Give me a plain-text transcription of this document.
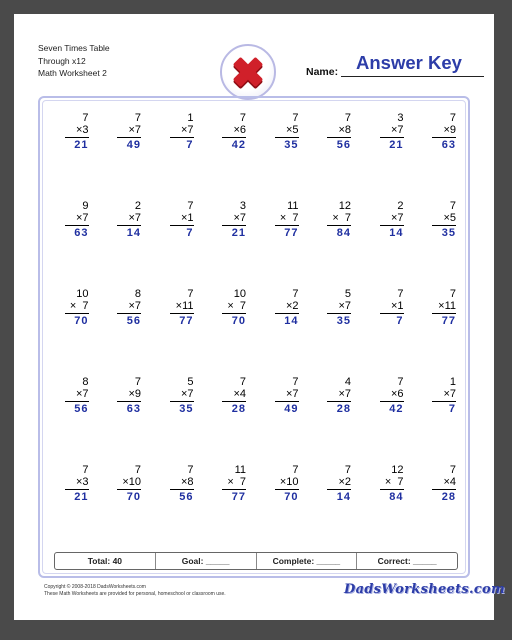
Seven Times Table
Through x12
Math Worksheet 2	Name: Answer Key
7
×3
21
7
×7
49
1
×7
7
7
×6
42
7
×5
35
7
×8
56
3
×7
21
7
×9
63
9
×7
63
2
×7
14
7
×1
7
3
×7
21
11
×  7
77
12
×  7
84
2
×7
14
7
×5
35
10
×  7
70
8
×7
56
7
×11
77
10
×  7
70
7
×2
14
5
×7
35
7
×1
7
7
×11
77
8
×7
56
7
×9
63
5
×7
35
7
×4
28
7
×7
49
4
×7
28
7
×6
42
1
×7
7
7
×3
21
7
×10
70
7
×8
56
11
×  7
77
7
×10
70
7
×2
14
12
×  7
84
7
×4
28
Total: 40	Goal: _____	Complete: _____	Correct: _____
Copyright © 2008-2018 DadsWorksheets.com
These Math Worksheets are provided for personal, homeschool or classroom use.	DadsWorksheets.com
